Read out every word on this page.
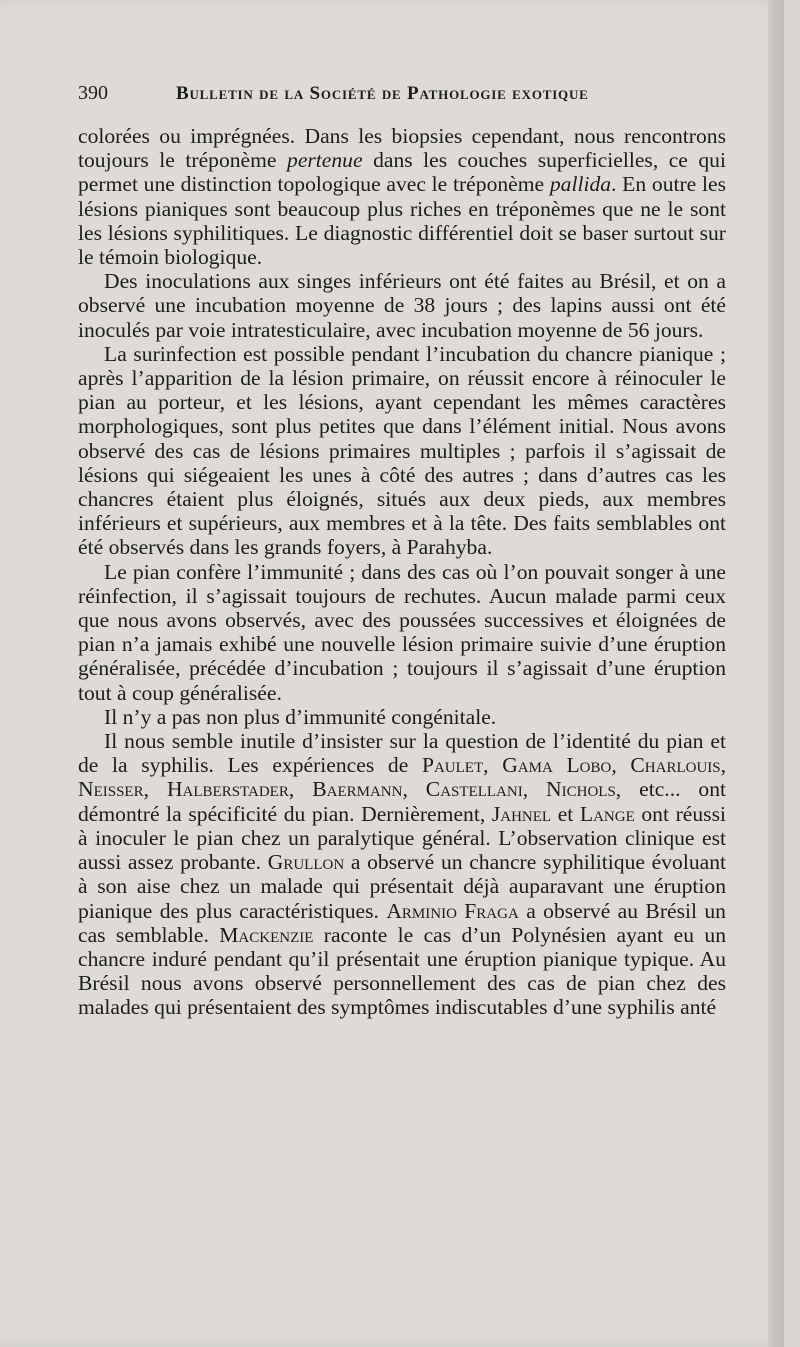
390	Bulletin de la Société de Pathologie exotique

colorées ou imprégnées. Dans les biopsies cependant, nous rencontrons toujours le tréponème pertenue dans les couches superficielles, ce qui permet une distinction topologique avec le tréponème pallida. En outre les lésions pianiques sont beaucoup plus riches en tréponèmes que ne le sont les lésions syphilitiques. Le diagnostic différentiel doit se baser surtout sur le témoin biologique.

Des inoculations aux singes inférieurs ont été faites au Brésil, et on a observé une incubation moyenne de 38 jours ; des lapins aussi ont été inoculés par voie intratesticulaire, avec incubation moyenne de 56 jours.

La surinfection est possible pendant l’incubation du chancre pianique ; après l’apparition de la lésion primaire, on réussit encore à réinoculer le pian au porteur, et les lésions, ayant cependant les mêmes caractères morphologiques, sont plus petites que dans l’élément initial. Nous avons observé des cas de lésions primaires multiples ; parfois il s’agissait de lésions qui siégeaient les unes à côté des autres ; dans d’autres cas les chancres étaient plus éloignés, situés aux deux pieds, aux membres inférieurs et supérieurs, aux membres et à la tête. Des faits semblables ont été observés dans les grands foyers, à Parahyba.

Le pian confère l’immunité ; dans des cas où l’on pouvait songer à une réinfection, il s’agissait toujours de rechutes. Aucun malade parmi ceux que nous avons observés, avec des poussées successives et éloignées de pian n’a jamais exhibé une nouvelle lésion primaire suivie d’une éruption généralisée, précédée d’incubation ; toujours il s’agissait d’une éruption tout à coup généralisée.

Il n’y a pas non plus d’immunité congénitale.

Il nous semble inutile d’insister sur la question de l’identité du pian et de la syphilis. Les expériences de Paulet, Gama Lobo, Charlouis, Neisser, Halberstader, Baermann, Castellani, Nichols, etc... ont démontré la spécificité du pian. Dernièrement, Jahnel et Lange ont réussi à inoculer le pian chez un paralytique général. L’observation clinique est aussi assez probante. Grullon a observé un chancre syphilitique évoluant à son aise chez un malade qui présentait déjà auparavant une éruption pianique des plus caractéristiques. Arminio Fraga a observé au Brésil un cas semblable. Mackenzie raconte le cas d’un Polynésien ayant eu un chancre induré pendant qu’il présentait une éruption pianique typique. Au Brésil nous avons observé personnellement des cas de pian chez des malades qui présentaient des symptômes indiscutables d’une syphilis anté
